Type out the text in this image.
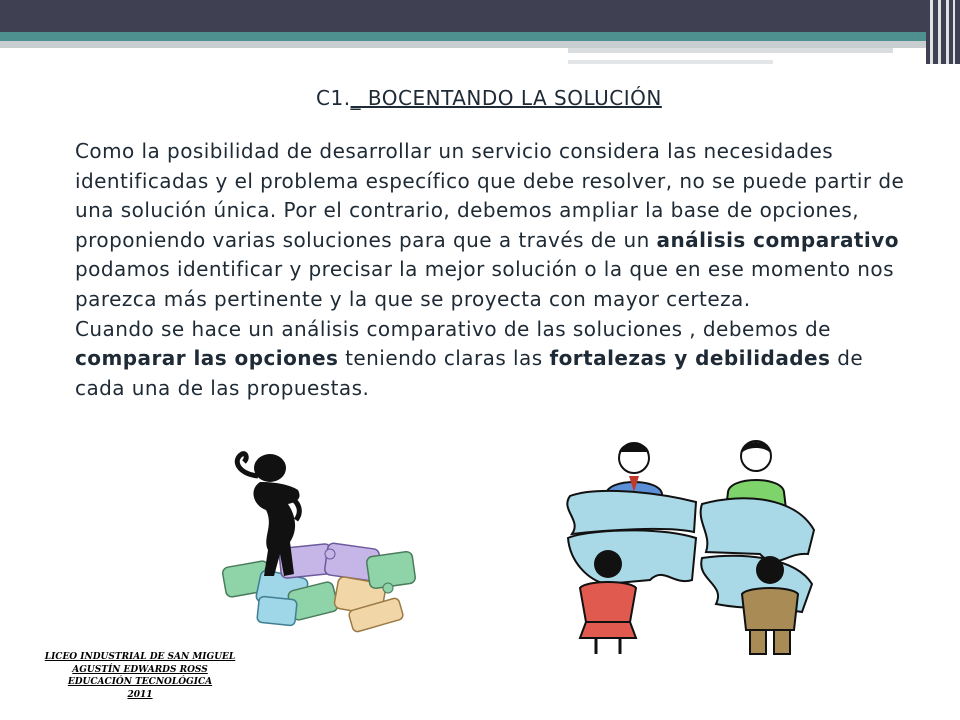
C1._ BOCENTANDO LA SOLUCIÓN

Como la posibilidad de desarrollar un servicio considera las necesidades identificadas y el problema específico que debe resolver, no se puede partir de una solución única. Por el contrario, debemos ampliar la base de opciones, proponiendo varias soluciones para que a través de un análisis comparativo podamos identificar y precisar la mejor solución o la que en ese momento nos parezca más pertinente y la que se proyecta con mayor certeza.

Cuando se hace un análisis comparativo de las soluciones , debemos de comparar las opciones teniendo claras las fortalezas y debilidades de cada una de las propuestas.

LICEO INDUSTRIAL DE SAN MIGUEL
AGUSTÍN EDWARDS ROSS
EDUCACIÓN TECNOLÓGICA
2011
